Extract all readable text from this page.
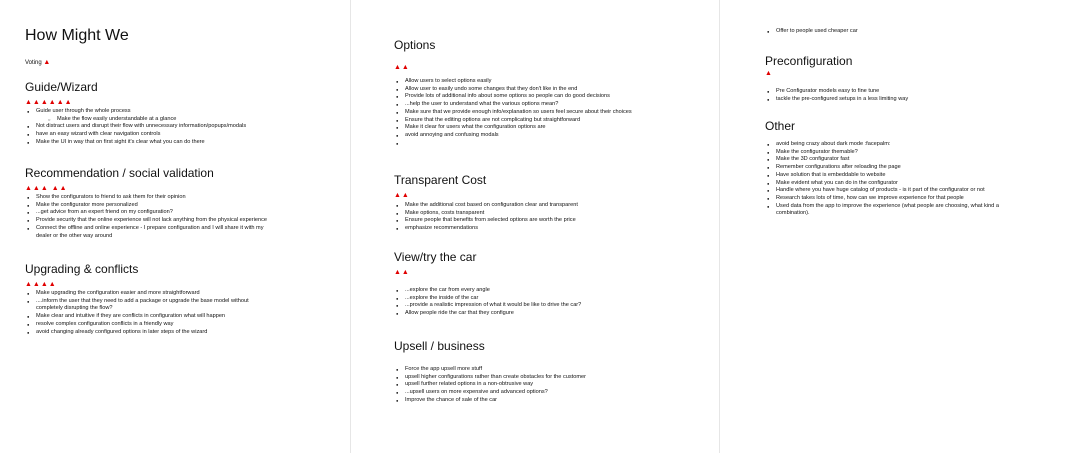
How Might We
Voting ▲
Guide/Wizard
▲▲▲▲▲▲
● Guide user through the whole process
○ Make the flow easily understandable at a glance
● Not distract users and disrupt their flow with unnecessary information/popups/modals
● have an easy wizard with clear navigation controls
● Make the UI in way that on first sight it's clear what you can do there
Recommendation / social validation
▲▲▲ ▲▲
● Show the configurators to friend to ask them for their opinion
● Make the configurator more personalized
● ...get advice from an expert friend on my configuration?
● Provide security that the online experience will not lack anything from the physical experience
● Connect the offline and online experience - I prepare configuration and I will share it with my
dealer or the other way around
Upgrading & conflicts
▲▲▲▲
● Make upgrading the configuration easier and more straightforward
● ....inform the user that they need to add a package or upgrade the base model without
completely disrupting the flow?
● Make clear and intuitive if they are conflicts in configuration what will happen
● resolve complex configuration conflicts in a friendly way
● avoid changing already configured options in later steps of the wizard
Options
▲▲
● Allow users to select options easily
● Allow user to easily undo some changes that they don't like in the end
● Provide lots of additional info about some options so people can do good decisions
● ...help the user to understand what the various options mean?
● Make sure that we provide enough info/explanation so users feel secure about their choices
● Ensure that the editing options are not complicating but straightforward
● Make it clear for users what the configuration options are
● avoid annoying and confusing modals
●
Transparent Cost
▲▲
● Make the additional cost based on configuration clear and transparent
● Make options, costs transparent
● Ensure people that benefits from selected options are worth the price
● emphasize recommendations
View/try the car
▲▲
● ...explore the car from every angle
● ...explore the inside of the car
● ...provide a realistic impression of what it would be like to drive the car?
● Allow people ride the car that they configure
Upsell / business
● Force the app upsell more stuff
● upsell higher configurations rather than create obstacles for the customer
● upsell further related options in a non-obtrusive way
● ...upsell users on more expensive and advanced options?
● Improve the chance of sale of the car
● Offer to people used cheaper car
Preconfiguration
▲
● Pre Configurator models easy to fine tune
● tackle the pre-configured setups in a less limiting way
Other
● avoid being crazy about dark mode :facepalm:
● Make the configurator themable?
● Make the 3D configurator fast
● Remember configurations after reloading the page
● Have solution that is embeddable to website
● Make evident what you can do in the configurator
● Handle where you have huge catalog of products - is it part of the configurator or not
● Research takes lots of time, how can we improve experience for that people
● Used data from the app to improve the experience (what people are choosing, what kind a
combination).
